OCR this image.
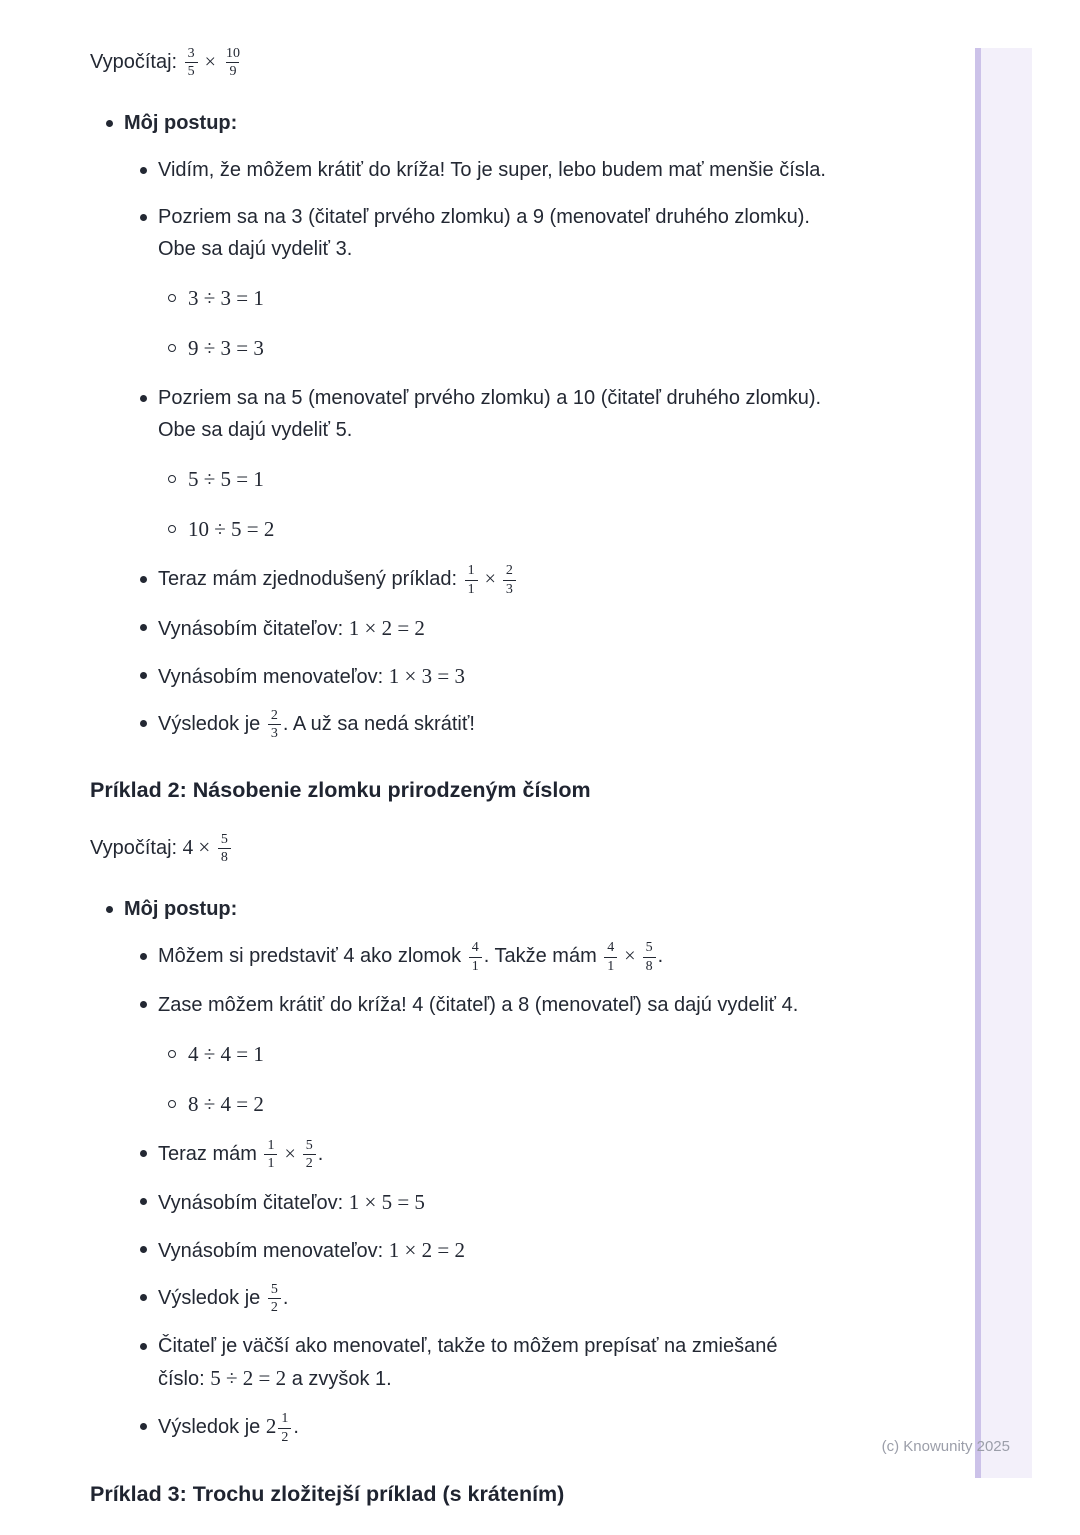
Vypočítaj: $\frac{3}{5} \times \frac{10}{9}$

Môj postup:
Vidím, že môžem krátiť do kríža! To je super, lebo budem mať menšie čísla.
Pozriem sa na 3 (čitateľ prvého zlomku) a 9 (menovateľ druhého zlomku). Obe sa dajú vydeliť 3.
3 ÷ 3 = 1
9 ÷ 3 = 3
Pozriem sa na 5 (menovateľ prvého zlomku) a 10 (čitateľ druhého zlomku). Obe sa dajú vydeliť 5.
5 ÷ 5 = 1
10 ÷ 5 = 2
Teraz mám zjednodušený príklad: $\frac{1}{1} \times \frac{2}{3}$
Vynásobím čitateľov: 1 × 2 = 2
Vynásobím menovateľov: 1 × 3 = 3
Výsledok je $\frac{2}{3}$ . A už sa nedá skrátiť!
Príklad 2: Násobenie zlomku prirodzeným číslom

Vypočítaj: $4 \times \frac{5}{8}$

Môj postup:
Môžem si predstaviť 4 ako zlomok $\frac{4}{1}$ . Takže mám $\frac{4}{1} \times \frac{5}{8}$ .
Zase môžem krátiť do kríža! 4 (čitateľ) a 8 (menovateľ) sa dajú vydeliť 4.
4 ÷ 4 = 1
8 ÷ 4 = 2
Teraz mám $\frac{1}{1} \times \frac{5}{2}$ .
Vynásobím čitateľov: 1 × 5 = 5
Vynásobím menovateľov: 1 × 2 = 2
Výsledok je $\frac{5}{2}$ .
Čitateľ je väčší ako menovateľ, takže to môžem prepísať na zmiešané číslo: 5 ÷ 2 = 2 a zvyšok 1.
Výsledok je $2 \frac{1}{2}$ .
Príklad 3: Trochu zložitejší príklad (s krátením)
(c) Knowunity 2025
